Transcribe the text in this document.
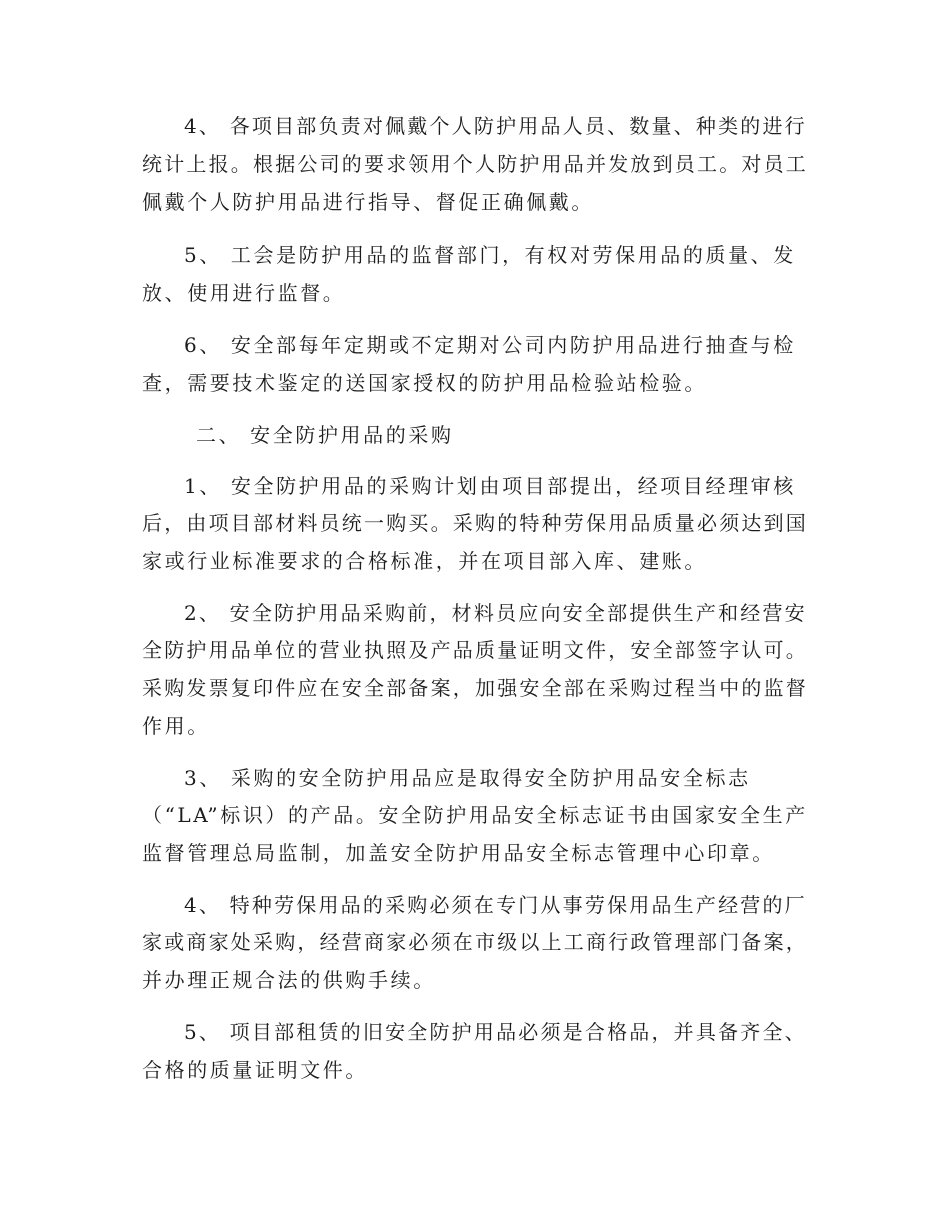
4、 各项目部负责对佩戴个人防护用品人员、数量、种类的进行

统计上报。根据公司的要求领用个人防护用品并发放到员工。对员工

佩戴个人防护用品进行指导、督促正确佩戴。

5、 工会是防护用品的监督部门，有权对劳保用品的质量、发

放、使用进行监督。

6、 安全部每年定期或不定期对公司内防护用品进行抽查与检

查，需要技术鉴定的送国家授权的防护用品检验站检验。

二、 安全防护用品的采购

1、 安全防护用品的采购计划由项目部提出，经项目经理审核

后，由项目部材料员统一购买。采购的特种劳保用品质量必须达到国

家或行业标准要求的合格标准，并在项目部入库、建账。

2、 安全防护用品采购前，材料员应向安全部提供生产和经营安

全防护用品单位的营业执照及产品质量证明文件，安全部签字认可。

采购发票复印件应在安全部备案，加强安全部在采购过程当中的监督

作用。

3、 采购的安全防护用品应是取得安全防护用品安全标志

（“LA”标识）的产品。安全防护用品安全标志证书由国家安全生产

监督管理总局监制，加盖安全防护用品安全标志管理中心印章。

4、 特种劳保用品的采购必须在专门从事劳保用品生产经营的厂

家或商家处采购，经营商家必须在市级以上工商行政管理部门备案，

并办理正规合法的供购手续。

5、 项目部租赁的旧安全防护用品必须是合格品，并具备齐全、

合格的质量证明文件。
